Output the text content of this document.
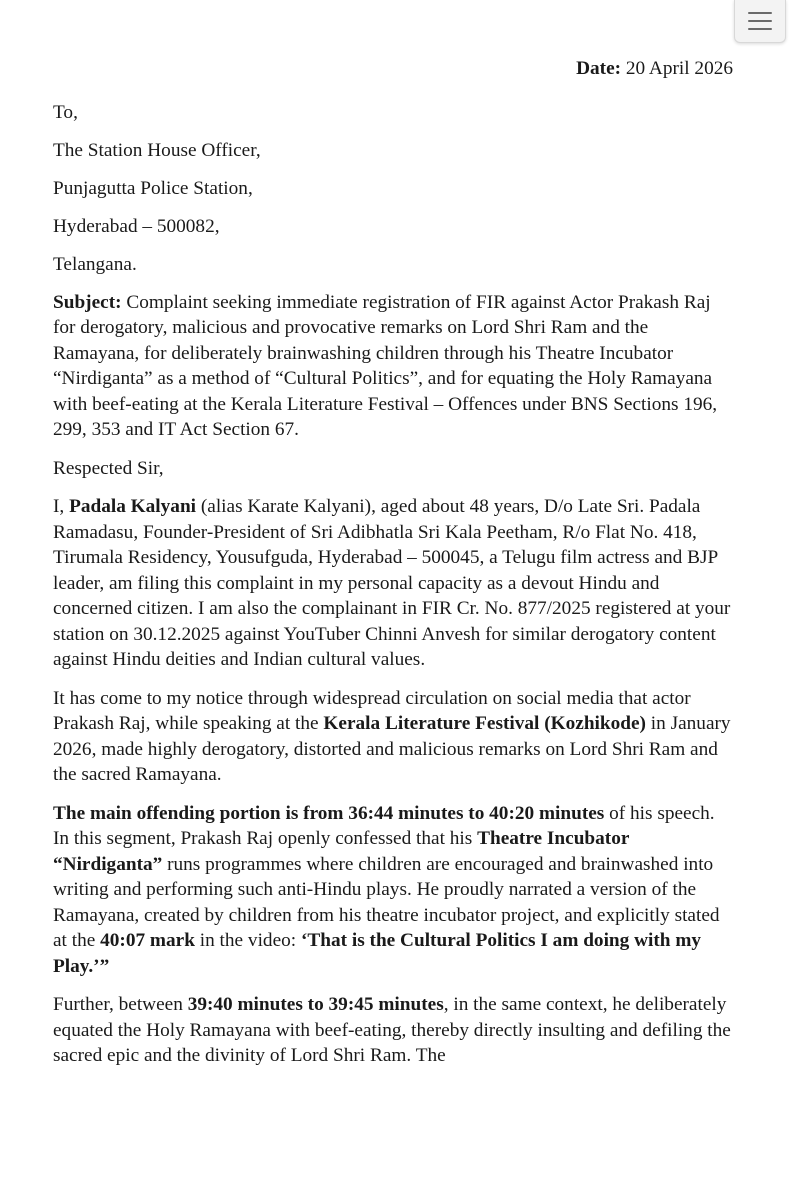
Date: 20 April 2026

To,

The Station House Officer,

Punjagutta Police Station,

Hyderabad – 500082,

Telangana.

Subject: Complaint seeking immediate registration of FIR against Actor Prakash Raj for derogatory, malicious and provocative remarks on Lord Shri Ram and the Ramayana, for deliberately brainwashing children through his Theatre Incubator “Nirdiganta” as a method of “Cultural Politics”, and for equating the Holy Ramayana with beef-eating at the Kerala Literature Festival – Offences under BNS Sections 196, 299, 353 and IT Act Section 67.

Respected Sir,

I, Padala Kalyani (alias Karate Kalyani), aged about 48 years, D/o Late Sri. Padala Ramadasu, Founder-President of Sri Adibhatla Sri Kala Peetham, R/o Flat No. 418, Tirumala Residency, Yousufguda, Hyderabad – 500045, a Telugu film actress and BJP leader, am filing this complaint in my personal capacity as a devout Hindu and concerned citizen. I am also the complainant in FIR Cr. No. 877/2025 registered at your station on 30.12.2025 against YouTuber Chinni Anvesh for similar derogatory content against Hindu deities and Indian cultural values.

It has come to my notice through widespread circulation on social media that actor Prakash Raj, while speaking at the Kerala Literature Festival (Kozhikode) in January 2026, made highly derogatory, distorted and malicious remarks on Lord Shri Ram and the sacred Ramayana.

The main offending portion is from 36:44 minutes to 40:20 minutes of his speech. In this segment, Prakash Raj openly confessed that his Theatre Incubator “Nirdiganta” runs programmes where children are encouraged and brainwashed into writing and performing such anti-Hindu plays. He proudly narrated a version of the Ramayana, created by children from his theatre incubator project, and explicitly stated at the 40:07 mark in the video: ‘That is the Cultural Politics I am doing with my Play.’”

Further, between 39:40 minutes to 39:45 minutes, in the same context, he deliberately equated the Holy Ramayana with beef-eating, thereby directly insulting and defiling the sacred epic and the divinity of Lord Shri Ram. The
